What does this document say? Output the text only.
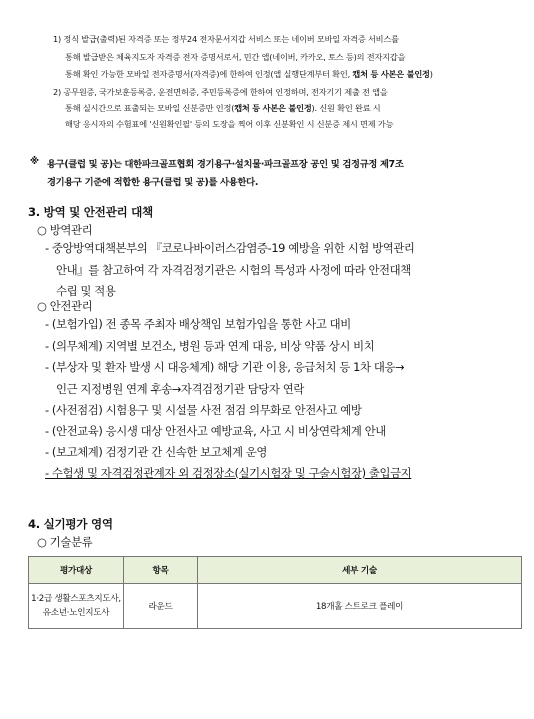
1) 정식 발급(출력)된 자격증 또는 정부24 전자문서지갑 서비스 또는 네이버 모바일 자격증 서비스를
통해 발급받은 체육지도자 자격증 전자 증명서로서, 민간 앱(네이버, 카카오, 토스 등)의 전자지갑을
통해 확인 가능한 모바일 전자증명서(자격증)에 한하여 인정(앱 실행단계부터 확인, 캡처 등 사본은 불인정)
2) 공무원증, 국가보훈등록증, 운전면허증, 주민등록증에 한하여 인정하며, 전자기기 제출 전 앱을
통해 실시간으로 표출되는 모바일 신분증만 인정(캡처 등 사본은 불인정). 신원 확인 완료 시
해당 응시자의 수험표에 '신원확인필' 등의 도장을 찍어 이후 신분확인 시 신분증 제시 면제 가능
※ 용구(클럽 및 공)는 대한파크골프협회 경기용구·설치물·파크골프장 공인 및 검정규정 제7조
경기용구 기준에 적합한 용구(클럽 및 공)를 사용한다.
3. 방역 및 안전관리 대책
○ 방역관리
- 중앙방역대책본부의 『코로나바이러스감염증-19 예방을 위한 시험 방역관리
안내』를 참고하여 각 자격검정기관은 시험의 특성과 사정에 따라 안전대책
수립 및 적용
○ 안전관리
- (보험가입) 전 종목 주최자 배상책임 보험가입을 통한 사고 대비
- (의무체계) 지역별 보건소, 병원 등과 연계 대응, 비상 약품 상시 비치
- (부상자 및 환자 발생 시 대응체계) 해당 기관 이용, 응급처치 등 1차 대응→
인근 지정병원 연계 후송→자격검정기관 담당자 연락
- (사전점검) 시험용구 및 시설물 사전 점검 의무화로 안전사고 예방
- (안전교육) 응시생 대상 안전사고 예방교육, 사고 시 비상연락체계 안내
- (보고체계) 검정기관 간 신속한 보고체계 운영
- 수험생 및 자격검정관계자 외 검정장소(실기시험장 및 구술시험장) 출입금지
4. 실기평가 영역
○ 기술분류
평가대상	항목	세부 기술
1·2급 생활스포츠지도사,
유소년·노인지도사	라운드	18개홀 스트로크 플레이
